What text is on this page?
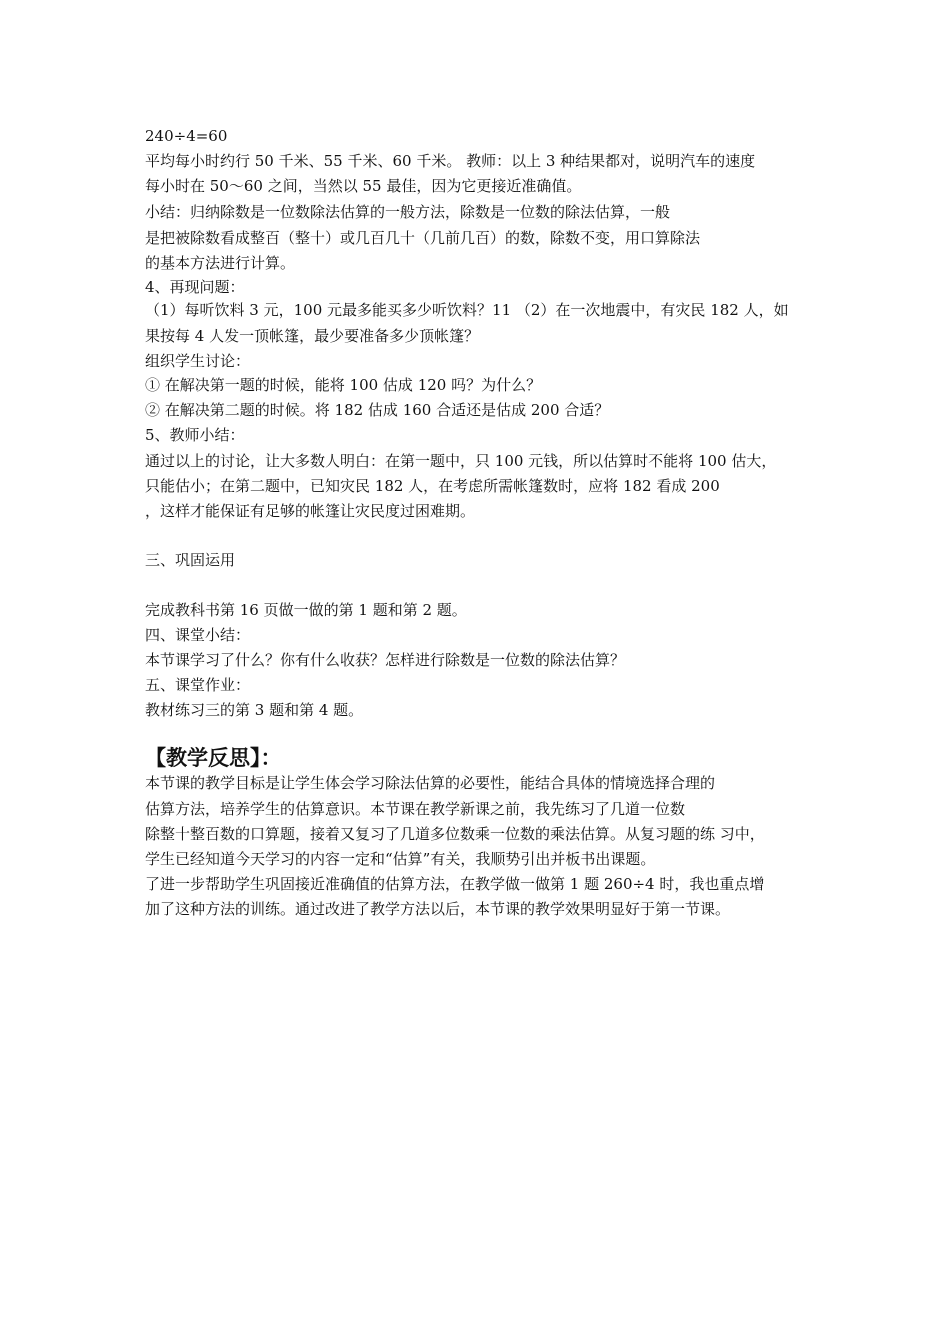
240÷4=60
平均每小时约行 50 千米、55 千米、60 千米。 教师：以上 3 种结果都对，说明汽车的速度
每小时在 50～60 之间，当然以 55 最佳，因为它更接近准确值。
小结：归纳除数是一位数除法估算的一般方法，除数是一位数的除法估算，一般
是把被除数看成整百（整十）或几百几十（几前几百）的数，除数不变，用口算除法
的基本方法进行计算。
4、再现问题：
（1）每听饮料 3 元，100 元最多能买多少听饮料？11 （2）在一次地震中，有灾民 182 人，如
果按每 4 人发一顶帐篷，最少要准备多少顶帐篷？
组织学生讨论：
① 在解决第一题的时候，能将 100 估成 120 吗？为什么？
② 在解决第二题的时候。将 182 估成 160 合适还是估成 200 合适？
5、教师小结：
通过以上的讨论，让大多数人明白：在第一题中，只 100 元钱，所以估算时不能将 100 估大，
只能估小；在第二题中，已知灾民 182 人，在考虑所需帐篷数时，应将 182 看成 200
，这样才能保证有足够的帐篷让灾民度过困难期。
三、巩固运用
完成教科书第 16 页做一做的第 1 题和第 2 题。
四、课堂小结：
本节课学习了什么？你有什么收获？怎样进行除数是一位数的除法估算？
五、课堂作业：
教材练习三的第 3 题和第 4 题。
【教学反思】：
本节课的教学目标是让学生体会学习除法估算的必要性，能结合具体的情境选择合理的
估算方法，培养学生的估算意识。本节课在教学新课之前，我先练习了几道一位数
除整十整百数的口算题，接着又复习了几道多位数乘一位数的乘法估算。从复习题的练 习中，
学生已经知道今天学习的内容一定和“估算”有关，我顺势引出并板书出课题。
了进一步帮助学生巩固接近准确值的估算方法，在教学做一做第 1 题 260÷4 时，我也重点增
加了这种方法的训练。通过改进了教学方法以后，本节课的教学效果明显好于第一节课。
